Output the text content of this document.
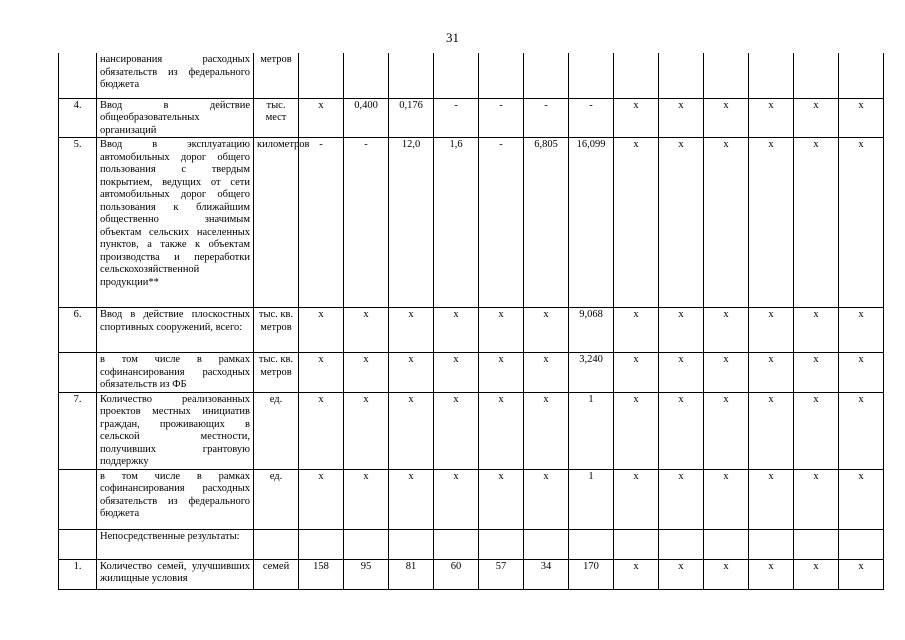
31
	нансирования расходных обязательств из федерального бюджета	метров													
4.	Ввод в действие общеобразовательных организаций	тыс. мест	х	0,400	0,176	-	-	-	-	х	х	х	х	х	х
5.	Ввод в эксплуатацию автомобильных дорог общего пользования с твердым покрытием, ведущих от сети автомобильных дорог общего пользования к ближайшим общественно значимым объектам сельских населенных пунктов, а также к объектам производства и переработки сельскохозяйственной продукции**	километров	-	-	12,0	1,6	-	6,805	16,099	х	х	х	х	х	х
6.	Ввод в действие плоскостных спортивных сооружений, всего:	тыс. кв. метров	х	х	х	х	х	х	9,068	х	х	х	х	х	х
	в том числе в рамках софинансирования расходных обязательств из ФБ	тыс. кв. метров	х	х	х	х	х	х	3,240	х	х	х	х	х	х
7.	Количество реализованных проектов местных инициатив граждан, проживающих в сельской местности, получивших грантовую поддержку	ед.	х	х	х	х	х	х	1	х	х	х	х	х	х
	в том числе в рамках софинансирования расходных обязательств из федерального бюджета	ед.	х	х	х	х	х	х	1	х	х	х	х	х	х
	Непосредственные результаты:														
1.	Количество семей, улучшивших жилищные условия	семей	158	95	81	60	57	34	170	х	х	х	х	х	х
